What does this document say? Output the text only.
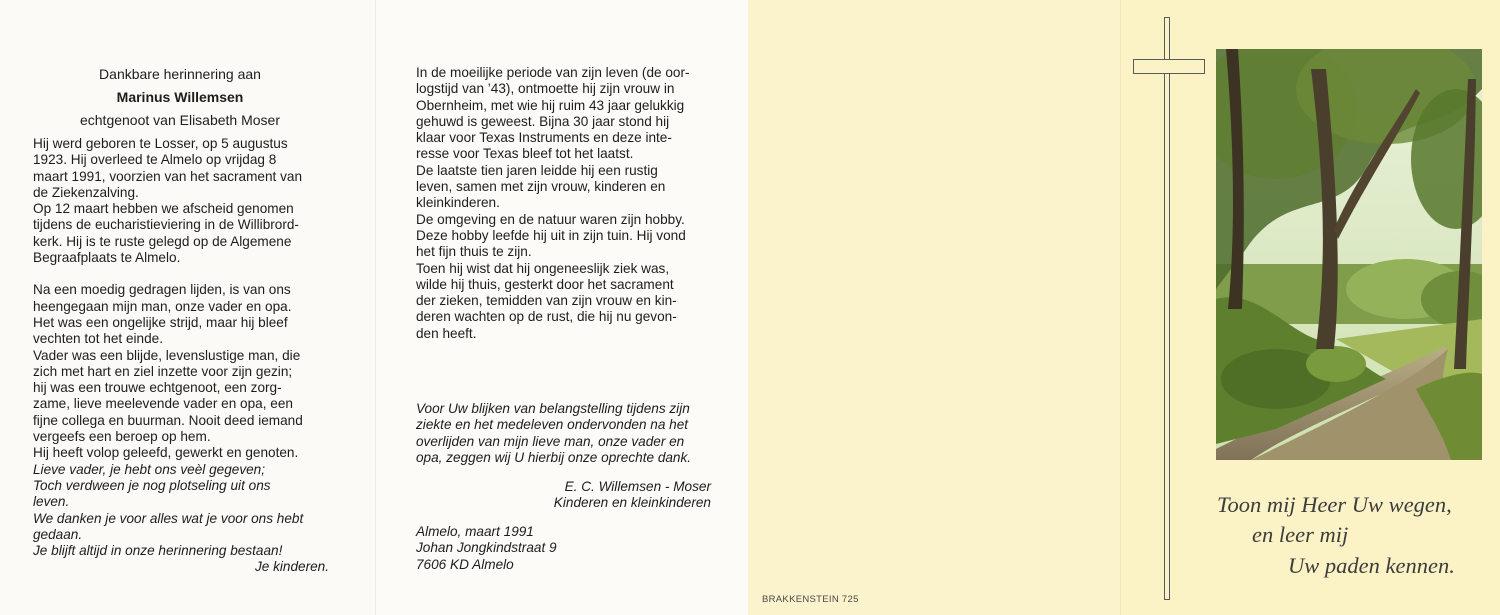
Dankbare herinnering aan
Marinus Willemsen
echtgenoot van Elisabeth Moser
Hij werd geboren te Losser, op 5 augustus
1923. Hij overleed te Almelo op vrijdag 8
maart 1991, voorzien van het sacrament van
de Ziekenzalving.
Op 12 maart hebben we afscheid genomen
tijdens de eucharistieviering in de Willibrord-
kerk. Hij is te ruste gelegd op de Algemene
Begraafplaats te Almelo.
Na een moedig gedragen lijden, is van ons
heengegaan mijn man, onze vader en opa.
Het was een ongelijke strijd, maar hij bleef
vechten tot het einde.
Vader was een blijde, levenslustige man, die
zich met hart en ziel inzette voor zijn gezin;
hij was een trouwe echtgenoot, een zorg-
zame, lieve meelevende vader en opa, een
fijne collega en buurman. Nooit deed iemand
vergeefs een beroep op hem.
Hij heeft volop geleefd, gewerkt en genoten.
Lieve vader, je hebt ons veèl gegeven;
Toch verdween je nog plotseling uit ons
leven.
We danken je voor alles wat je voor ons hebt
gedaan.
Je blijft altijd in onze herinnering bestaan!
Je kinderen.
In de moeilijke periode van zijn leven (de oor-
logstijd van ’43), ontmoette hij zijn vrouw in
Obernheim, met wie hij ruim 43 jaar gelukkig
gehuwd is geweest. Bijna 30 jaar stond hij
klaar voor Texas Instruments en deze inte-
resse voor Texas bleef tot het laatst.
De laatste tien jaren leidde hij een rustig
leven, samen met zijn vrouw, kinderen en
kleinkinderen.
De omgeving en de natuur waren zijn hobby.
Deze hobby leefde hij uit in zijn tuin. Hij vond
het fijn thuis te zijn.
Toen hij wist dat hij ongeneeslijk ziek was,
wilde hij thuis, gesterkt door het sacrament
der zieken, temidden van zijn vrouw en kin-
deren wachten op de rust, die hij nu gevon-
den heeft.
Voor Uw blijken van belangstelling tijdens zijn
ziekte en het medeleven ondervonden na het
overlijden van mijn lieve man, onze vader en
opa, zeggen wij U hierbij onze oprechte dank.
E. C. Willemsen - Moser
Kinderen en kleinkinderen
Almelo, maart 1991
Johan Jongkindstraat 9
7606 KD Almelo
BRAKKENSTEIN 725
Toon mij Heer Uw wegen,
en leer mij
Uw paden kennen.
